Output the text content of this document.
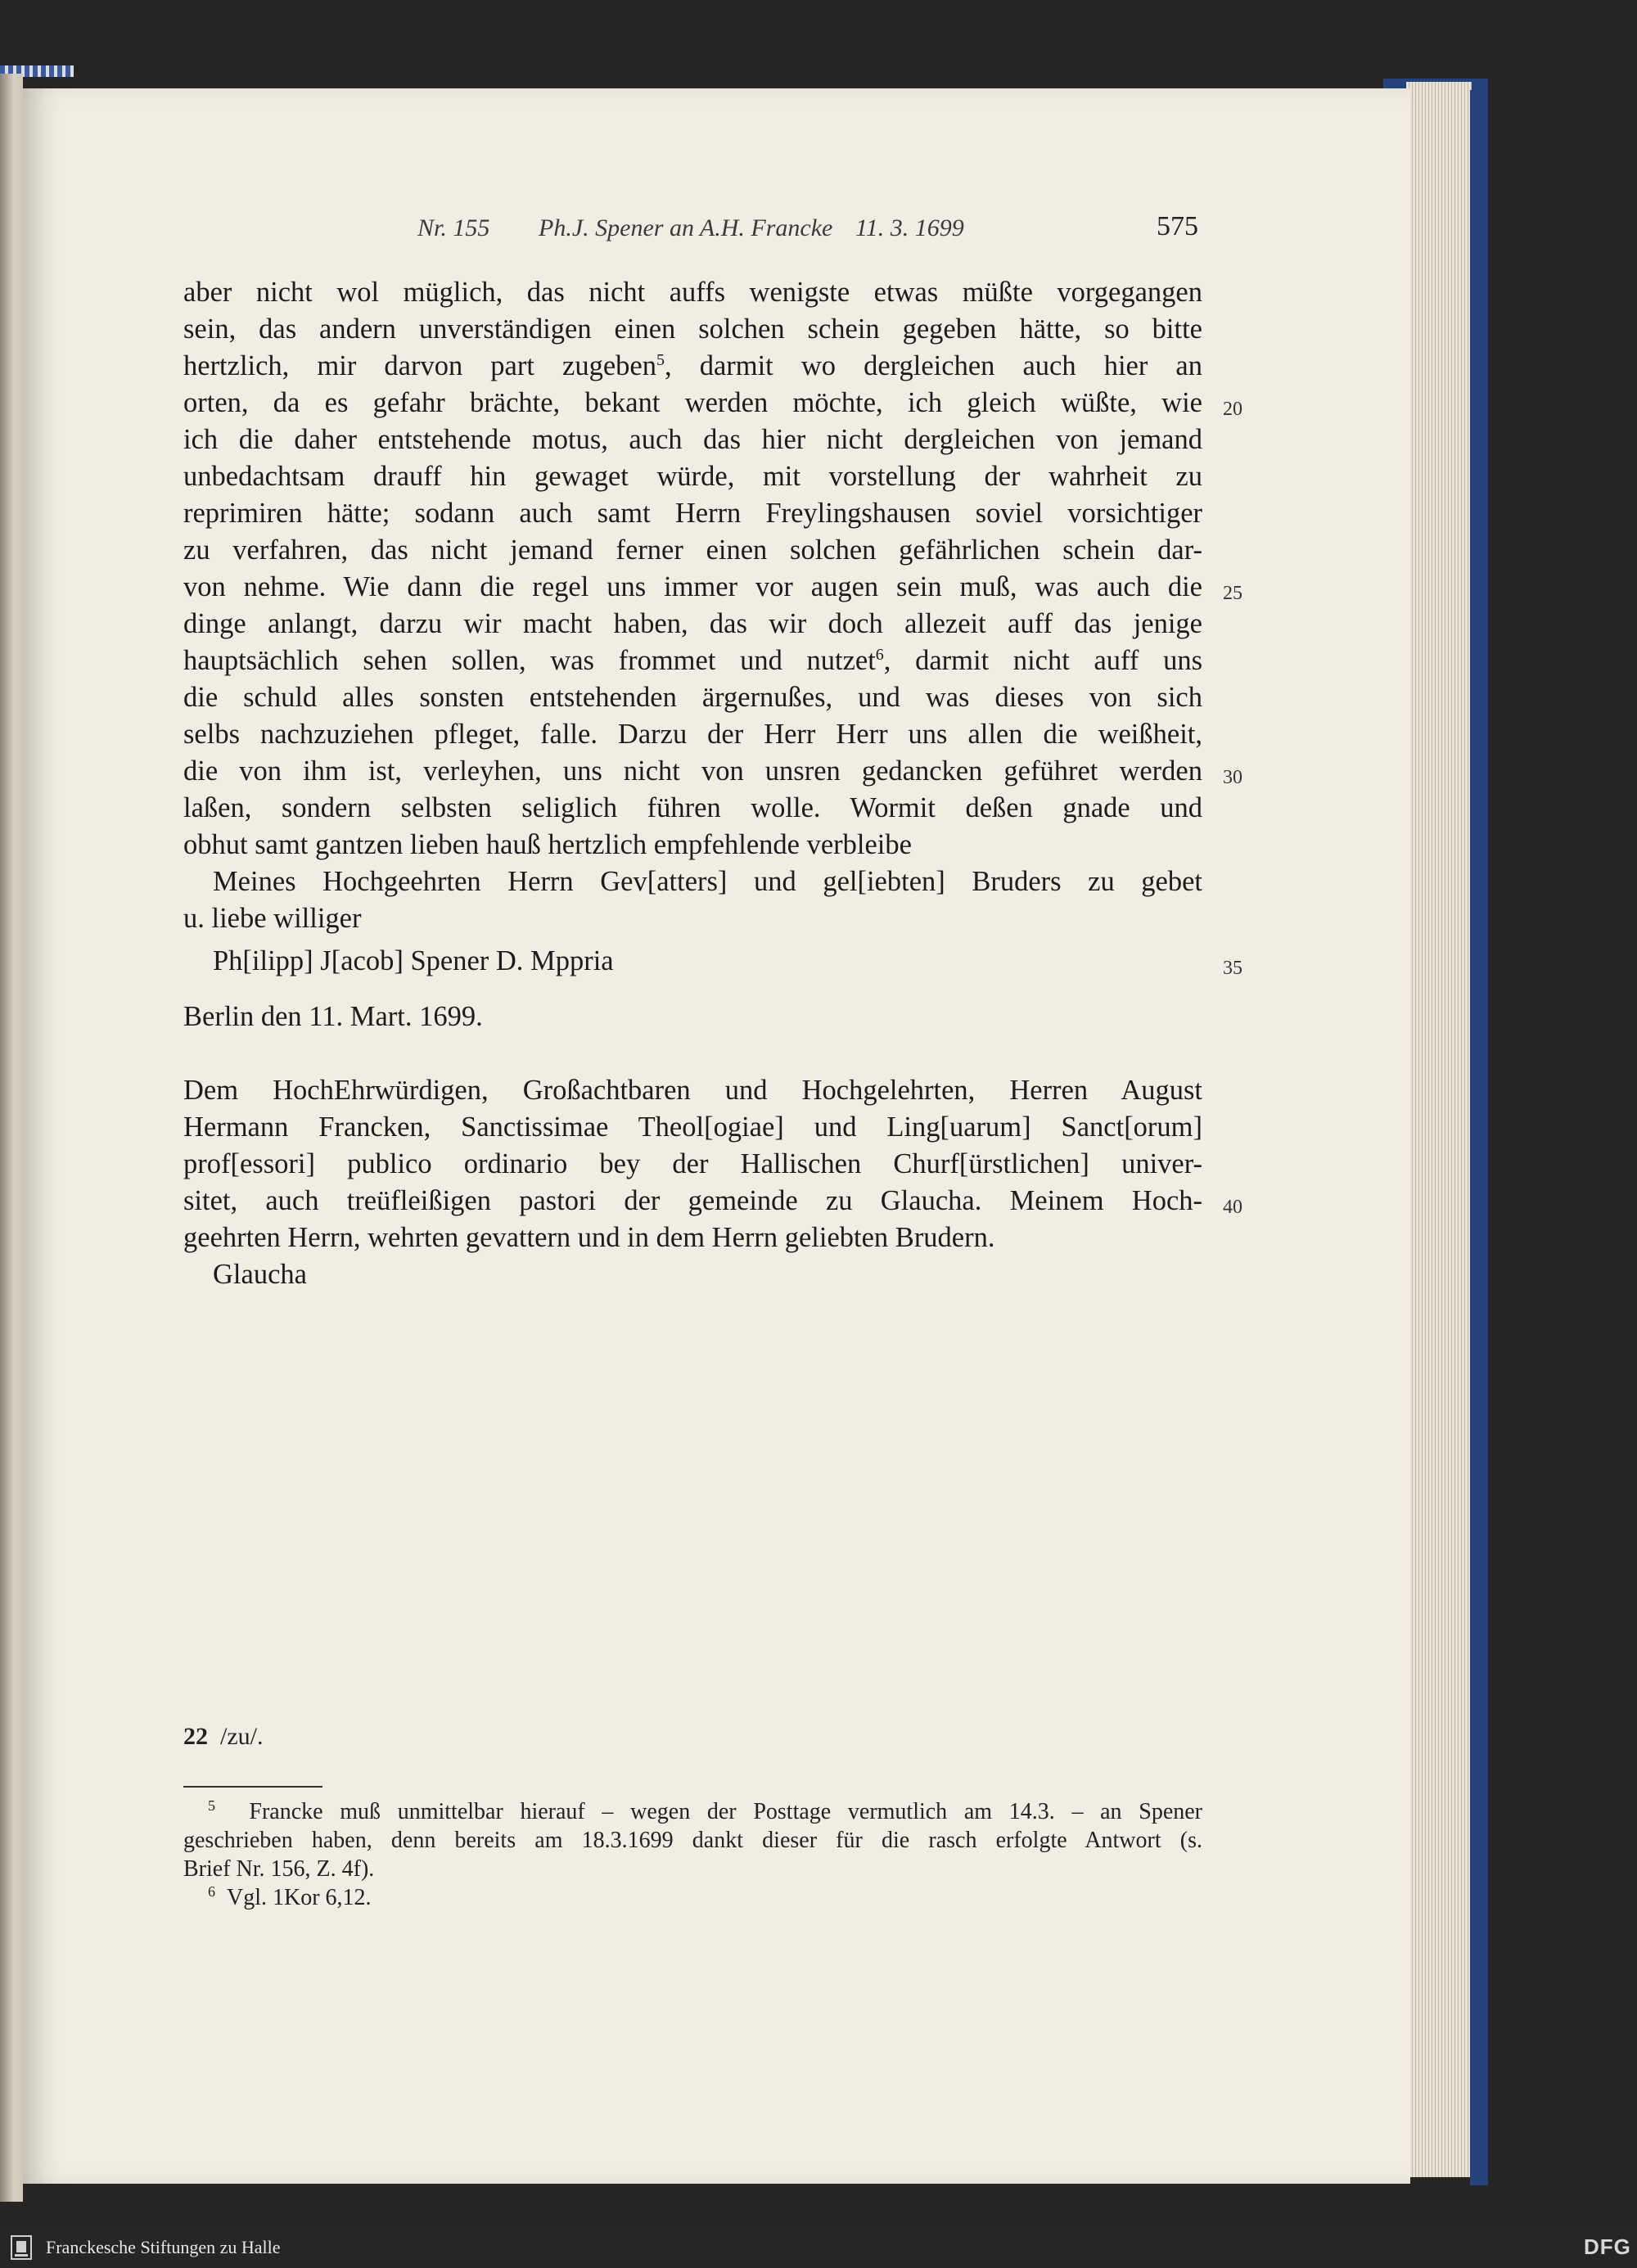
Nr. 155 Ph.J. Spener an A.H. Francke 11. 3. 1699	575
aber nicht wol müglich, das nicht auffs wenigste etwas müßte vorgegangen
sein, das andern unverständigen einen solchen schein gegeben hätte, so bitte
hertzlich, mir darvon part zugeben$^5$, darmit wo dergleichen auch hier an
orten, da es gefahr brächte, bekant werden möchte, ich gleich wüßte, wie
ich die daher entstehende motus, auch das hier nicht dergleichen von jemand
unbedachtsam drauff hin gewaget würde, mit vorstellung der wahrheit zu
reprimiren hätte; sodann auch samt Herrn Freylingshausen soviel vorsichtiger
zu verfahren, das nicht jemand ferner einen solchen gefährlichen schein dar-
von nehme. Wie dann die regel uns immer vor augen sein muß, was auch die
dinge anlangt, darzu wir macht haben, das wir doch allezeit auff das jenige
hauptsächlich sehen sollen, was frommet und nutzet$^6$, darmit nicht auff uns
die schuld alles sonsten entstehenden ärgernußes, und was dieses von sich
selbs nachzuziehen pfleget, falle. Darzu der Herr Herr uns allen die weißheit,
die von ihm ist, verleyhen, uns nicht von unsren gedancken geführet werden
laßen, sondern selbsten seliglich führen wolle. Wormit deßen gnade und
obhut samt gantzen lieben hauß hertzlich empfehlende verbleibe
Meines Hochgeehrten Herrn Gev[atters] und gel[iebten] Bruders zu gebet
u. liebe williger
Ph[ilipp] J[acob] Spener D. Mppria
Berlin den 11. Mart. 1699.
Dem HochEhrwürdigen, Großachtbaren und Hochgelehrten, Herren August
Hermann Francken, Sanctissimae Theol[ogiae] und Ling[uarum] Sanct[orum]
prof[essori] publico ordinario bey der Hallischen Churf[ürstlichen] univer-
sitet, auch treüfleißigen pastori der gemeinde zu Glaucha. Meinem Hoch-
geehrten Herrn, wehrten gevattern und in dem Herrn geliebten Brudern.
Glaucha
20
25
30
35
40
22 /zu/.
$^5$ Francke muß unmittelbar hierauf – wegen der Posttage vermutlich am 14.3. – an Spener
geschrieben haben, denn bereits am 18.3.1699 dankt dieser für die rasch erfolgte Antwort (s.
Brief Nr. 156, Z. 4f).
$^6$ Vgl. 1Kor 6,12.
Franckesche Stiftungen zu Halle	DFG
